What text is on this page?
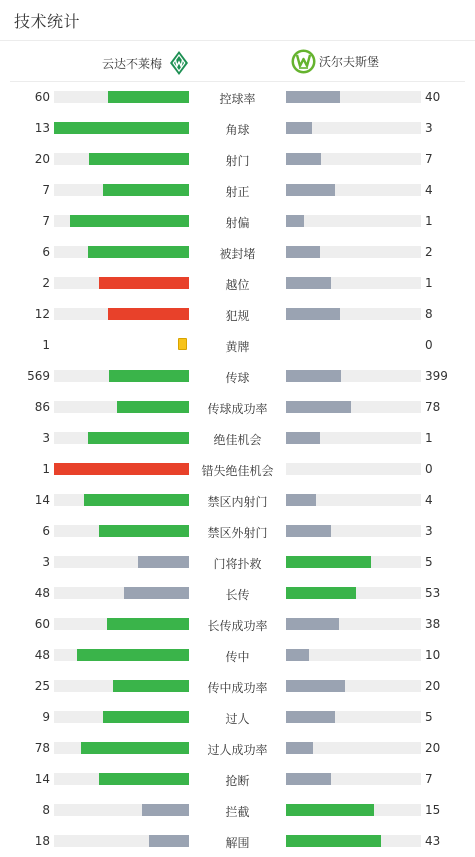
技术统计
云达不莱梅	沃尔夫斯堡
60	控球率	40
13	角球	3
20	射门	7
7	射正	4
7	射偏	1
6	被封堵	2
2	越位	1
12	犯规	8
1	黄牌	0
569	传球	399
86	传球成功率	78
3	绝佳机会	1
1	错失绝佳机会	0
14	禁区内射门	4
6	禁区外射门	3
3	门将扑救	5
48	长传	53
60	长传成功率	38
48	传中	10
25	传中成功率	20
9	过人	5
78	过人成功率	20
14	抢断	7
8	拦截	15
18	解围	43
